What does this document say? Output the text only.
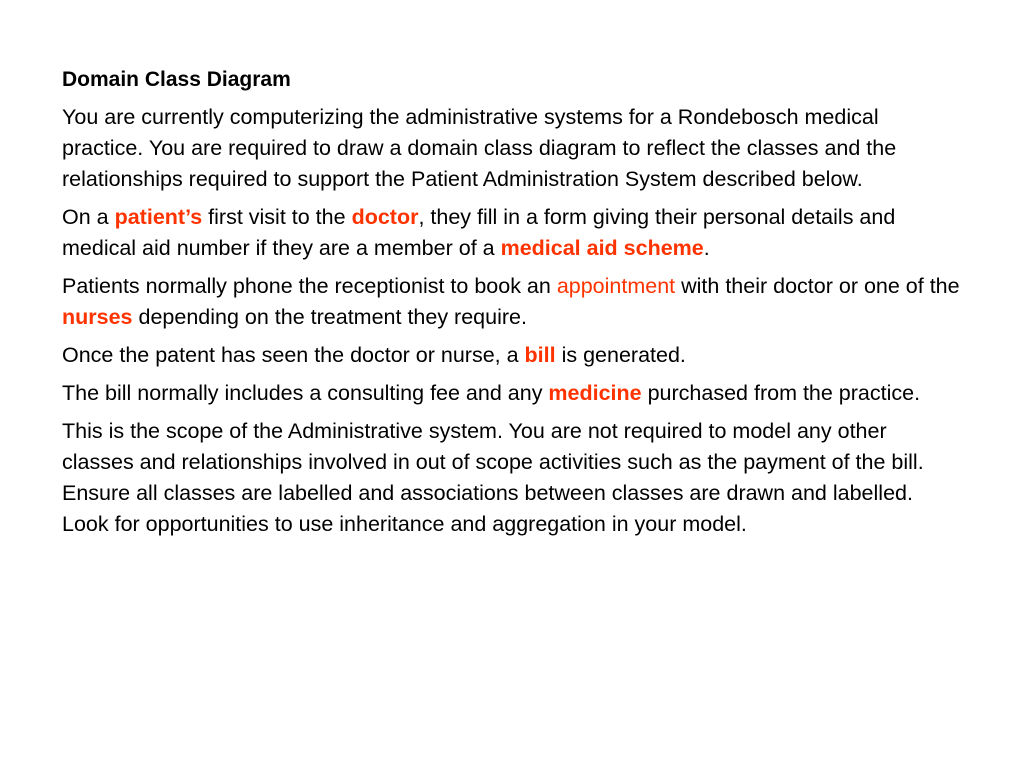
Domain Class Diagram
You are currently computerizing the administrative systems for a Rondebosch medical practice. You are required to draw a domain class diagram to reflect the classes and the relationships required to support the Patient Administration System described below.
On a patient’s first visit to the doctor, they fill in a form giving their personal details and medical aid number if they are a member of a medical aid scheme.
Patients normally phone the receptionist to book an appointment with their doctor or one of the nurses depending on the treatment they require.
Once the patent has seen the doctor or nurse, a bill is generated.
The bill normally includes a consulting fee and any medicine purchased from the practice.
This is the scope of the Administrative system. You are not required to model any other classes and relationships involved in out of scope activities such as the payment of the bill. Ensure all classes are labelled and associations between classes are drawn and labelled. Look for opportunities to use inheritance and aggregation in your model.
